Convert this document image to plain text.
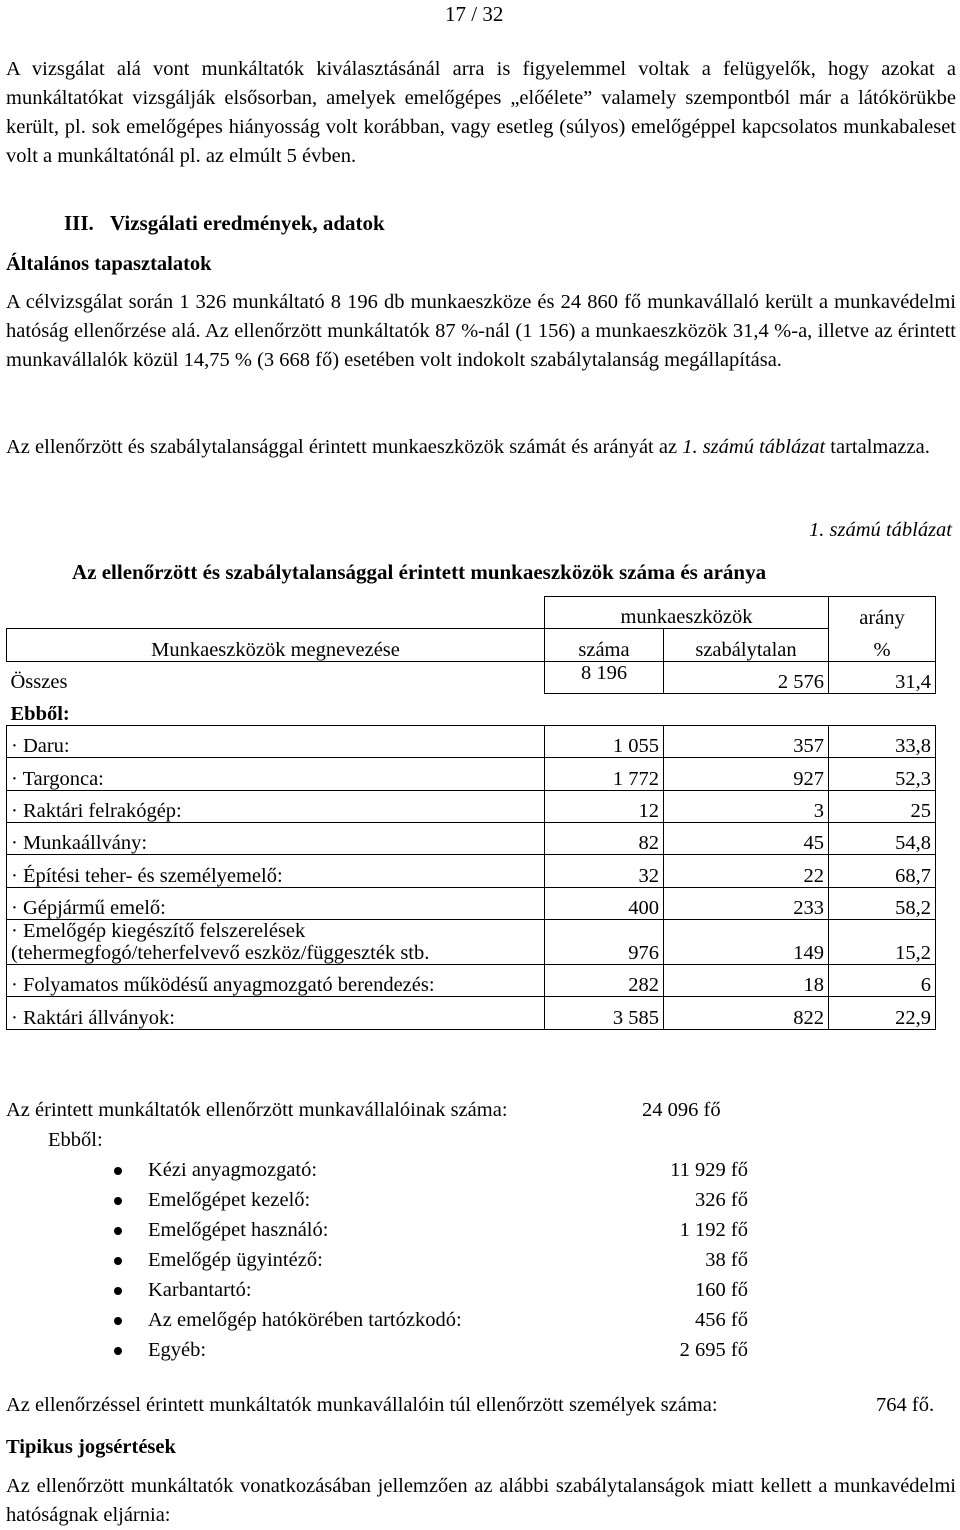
17 / 32
A vizsgálat alá vont munkáltatók kiválasztásánál arra is figyelemmel voltak a felügyelők, hogy azokat a munkáltatókat vizsgálják elsősorban, amelyek emelőgépes „előélete” valamely szempontból már a látókörükbe került, pl. sok emelőgépes hiányosság volt korábban, vagy esetleg (súlyos) emelőgéppel kapcsolatos munkabaleset volt a munkáltatónál pl. az elmúlt 5 évben.
III. Vizsgálati eredmények, adatok
Általános tapasztalatok
A célvizsgálat során 1 326 munkáltató 8 196 db munkaeszköze és 24 860 fő munkavállaló került a munkavédelmi hatóság ellenőrzése alá. Az ellenőrzött munkáltatók 87 %-nál (1 156) a munkaeszközök 31,4 %-a, illetve az érintett munkavállalók közül 14,75 % (3 668 fő) esetében volt indokolt szabálytalanság megállapítása.
Az ellenőrzött és szabálytalansággal érintett munkaeszközök számát és arányát az 1. számú táblázat tartalmazza.
1. számú táblázat
Az ellenőrzött és szabálytalansággal érintett munkaeszközök száma és aránya
	munkaeszközök		arány
Munkaeszközök megnevezése	száma	szabálytalan	%
Összes	8 196	2 576	31,4
Ebből:			
· Daru:	1 055	357	33,8
· Targonca:	1 772	927	52,3
· Raktári felrakógép:	12	3	25
· Munkaállvány:	82	45	54,8
· Építési teher- és személyemelő:	32	22	68,7
· Gépjármű emelő:	400	233	58,2

· Emelőgép kiegészítő felszerelések
(tehermegfogó/teherfelvevő eszköz/függeszték stb.	976	149	15,2
· Folyamatos működésű anyagmozgató berendezés:	282	18	6
· Raktári állványok:	3 585	822	22,9
Az érintett munkáltatók ellenőrzött munkavállalóinak száma:	24 096 fő
Ebből:
Kézi anyagmozgató:	11 929 fő
Emelőgépet kezelő:	326 fő
Emelőgépet használó:	1 192 fő
Emelőgép ügyintéző:	38 fő
Karbantartó:	160 fő
Az emelőgép hatókörében tartózkodó:	456 fő
Egyéb:	2 695 fő
Az ellenőrzéssel érintett munkáltatók munkavállalóin túl ellenőrzött személyek száma:	764 fő.
Tipikus jogsértések
Az ellenőrzött munkáltatók vonatkozásában jellemzően az alábbi szabálytalanságok miatt kellett a munkavédelmi hatóságnak eljárnia:
